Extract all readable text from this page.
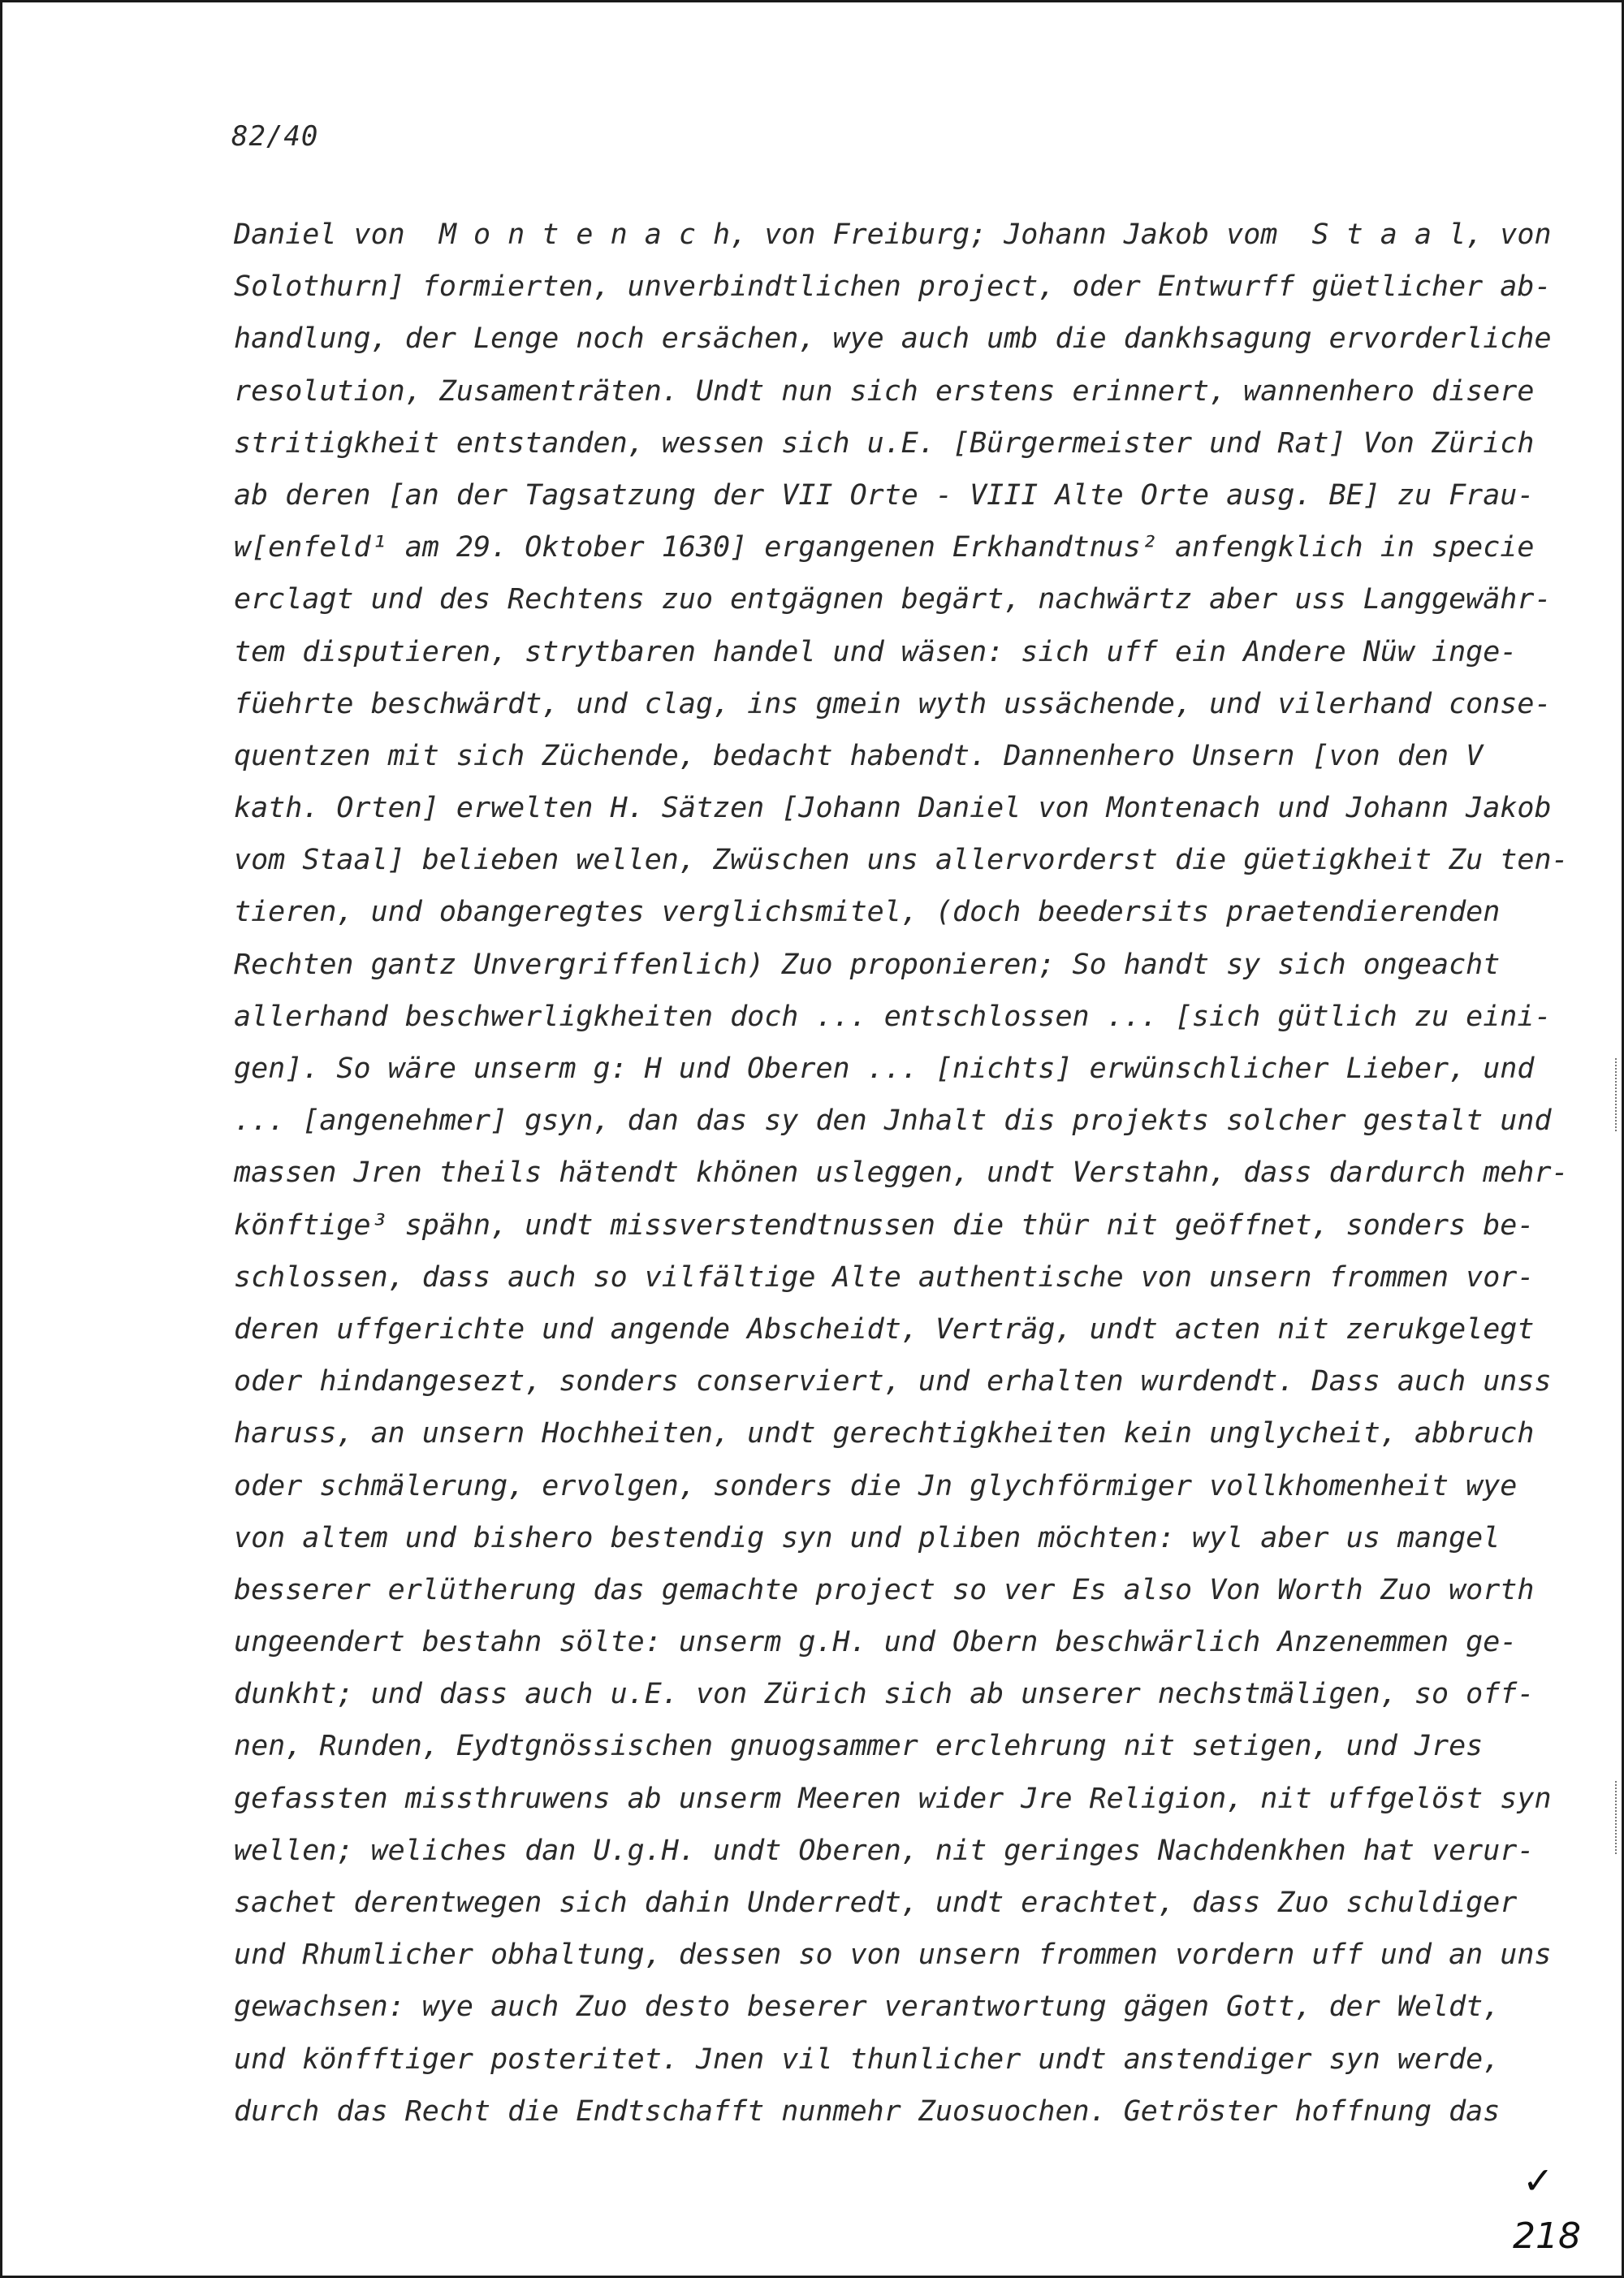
82/40
Daniel von  M o n t e n a c h, von Freiburg; Johann Jakob vom  S t a a l, von
Solothurn] formierten, unverbindtlichen project, oder Entwurff güetlicher ab-
handlung, der Lenge noch ersächen, wye auch umb die dankhsagung ervorderliche
resolution, Zusamenträten. Undt nun sich erstens erinnert, wannenhero disere
stritigkheit entstanden, wessen sich u.E. [Bürgermeister und Rat] Von Zürich
ab deren [an der Tagsatzung der VII Orte - VIII Alte Orte ausg. BE] zu Frau-
w[enfeld¹ am 29. Oktober 1630] ergangenen Erkhandtnus² anfengklich in specie
erclagt und des Rechtens zuo entgägnen begärt, nachwärtz aber uss Langgewähr-
tem disputieren, strytbaren handel und wäsen: sich uff ein Andere Nüw inge-
füehrte beschwärdt, und clag, ins gmein wyth ussächende, und vilerhand conse-
quentzen mit sich Züchende, bedacht habendt. Dannenhero Unsern [von den V
kath. Orten] erwelten H. Sätzen [Johann Daniel von Montenach und Johann Jakob
vom Staal] belieben wellen, Zwüschen uns allervorderst die güetigkheit Zu ten-
tieren, und obangeregtes verglichsmitel, (doch beedersits praetendierenden
Rechten gantz Unvergriffenlich) Zuo proponieren; So handt sy sich ongeacht
allerhand beschwerligkheiten doch ... entschlossen ... [sich gütlich zu eini-
gen]. So wäre unserm g: H und Oberen ... [nichts] erwünschlicher Lieber, und
... [angenehmer] gsyn, dan das sy den Jnhalt dis projekts solcher gestalt und
massen Jren theils hätendt khönen usleggen, undt Verstahn, dass dardurch mehr-
könftige³ spähn, undt missverstendtnussen die thür nit geöffnet, sonders be-
schlossen, dass auch so vilfältige Alte authentische von unsern frommen vor-
deren uffgerichte und angende Abscheidt, Verträg, undt acten nit zerukgelegt
oder hindangesezt, sonders conserviert, und erhalten wurdendt. Dass auch unss
haruss, an unsern Hochheiten, undt gerechtigkheiten kein unglycheit, abbruch
oder schmälerung, ervolgen, sonders die Jn glychförmiger vollkhomenheit wye
von altem und bishero bestendig syn und pliben möchten: wyl aber us mangel
besserer erlütherung das gemachte project so ver Es also Von Worth Zuo worth
ungeendert bestahn sölte: unserm g.H. und Obern beschwärlich Anzenemmen ge-
dunkht; und dass auch u.E. von Zürich sich ab unserer nechstmäligen, so off-
nen, Runden, Eydtgnössischen gnuogsammer erclehrung nit setigen, und Jres
gefassten missthruwens ab unserm Meeren wider Jre Religion, nit uffgelöst syn
wellen; weliches dan U.g.H. undt Oberen, nit geringes Nachdenkhen hat verur-
sachet derentwegen sich dahin Underredt, undt erachtet, dass Zuo schuldiger
und Rhumlicher obhaltung, dessen so von unsern frommen vordern uff und an uns
gewachsen: wye auch Zuo desto beserer verantwortung gägen Gott, der Weldt,
und könfftiger posteritet. Jnen vil thunlicher undt anstendiger syn werde,
durch das Recht die Endtschafft nunmehr Zuosuochen. Getröster hoffnung das
✓
218
